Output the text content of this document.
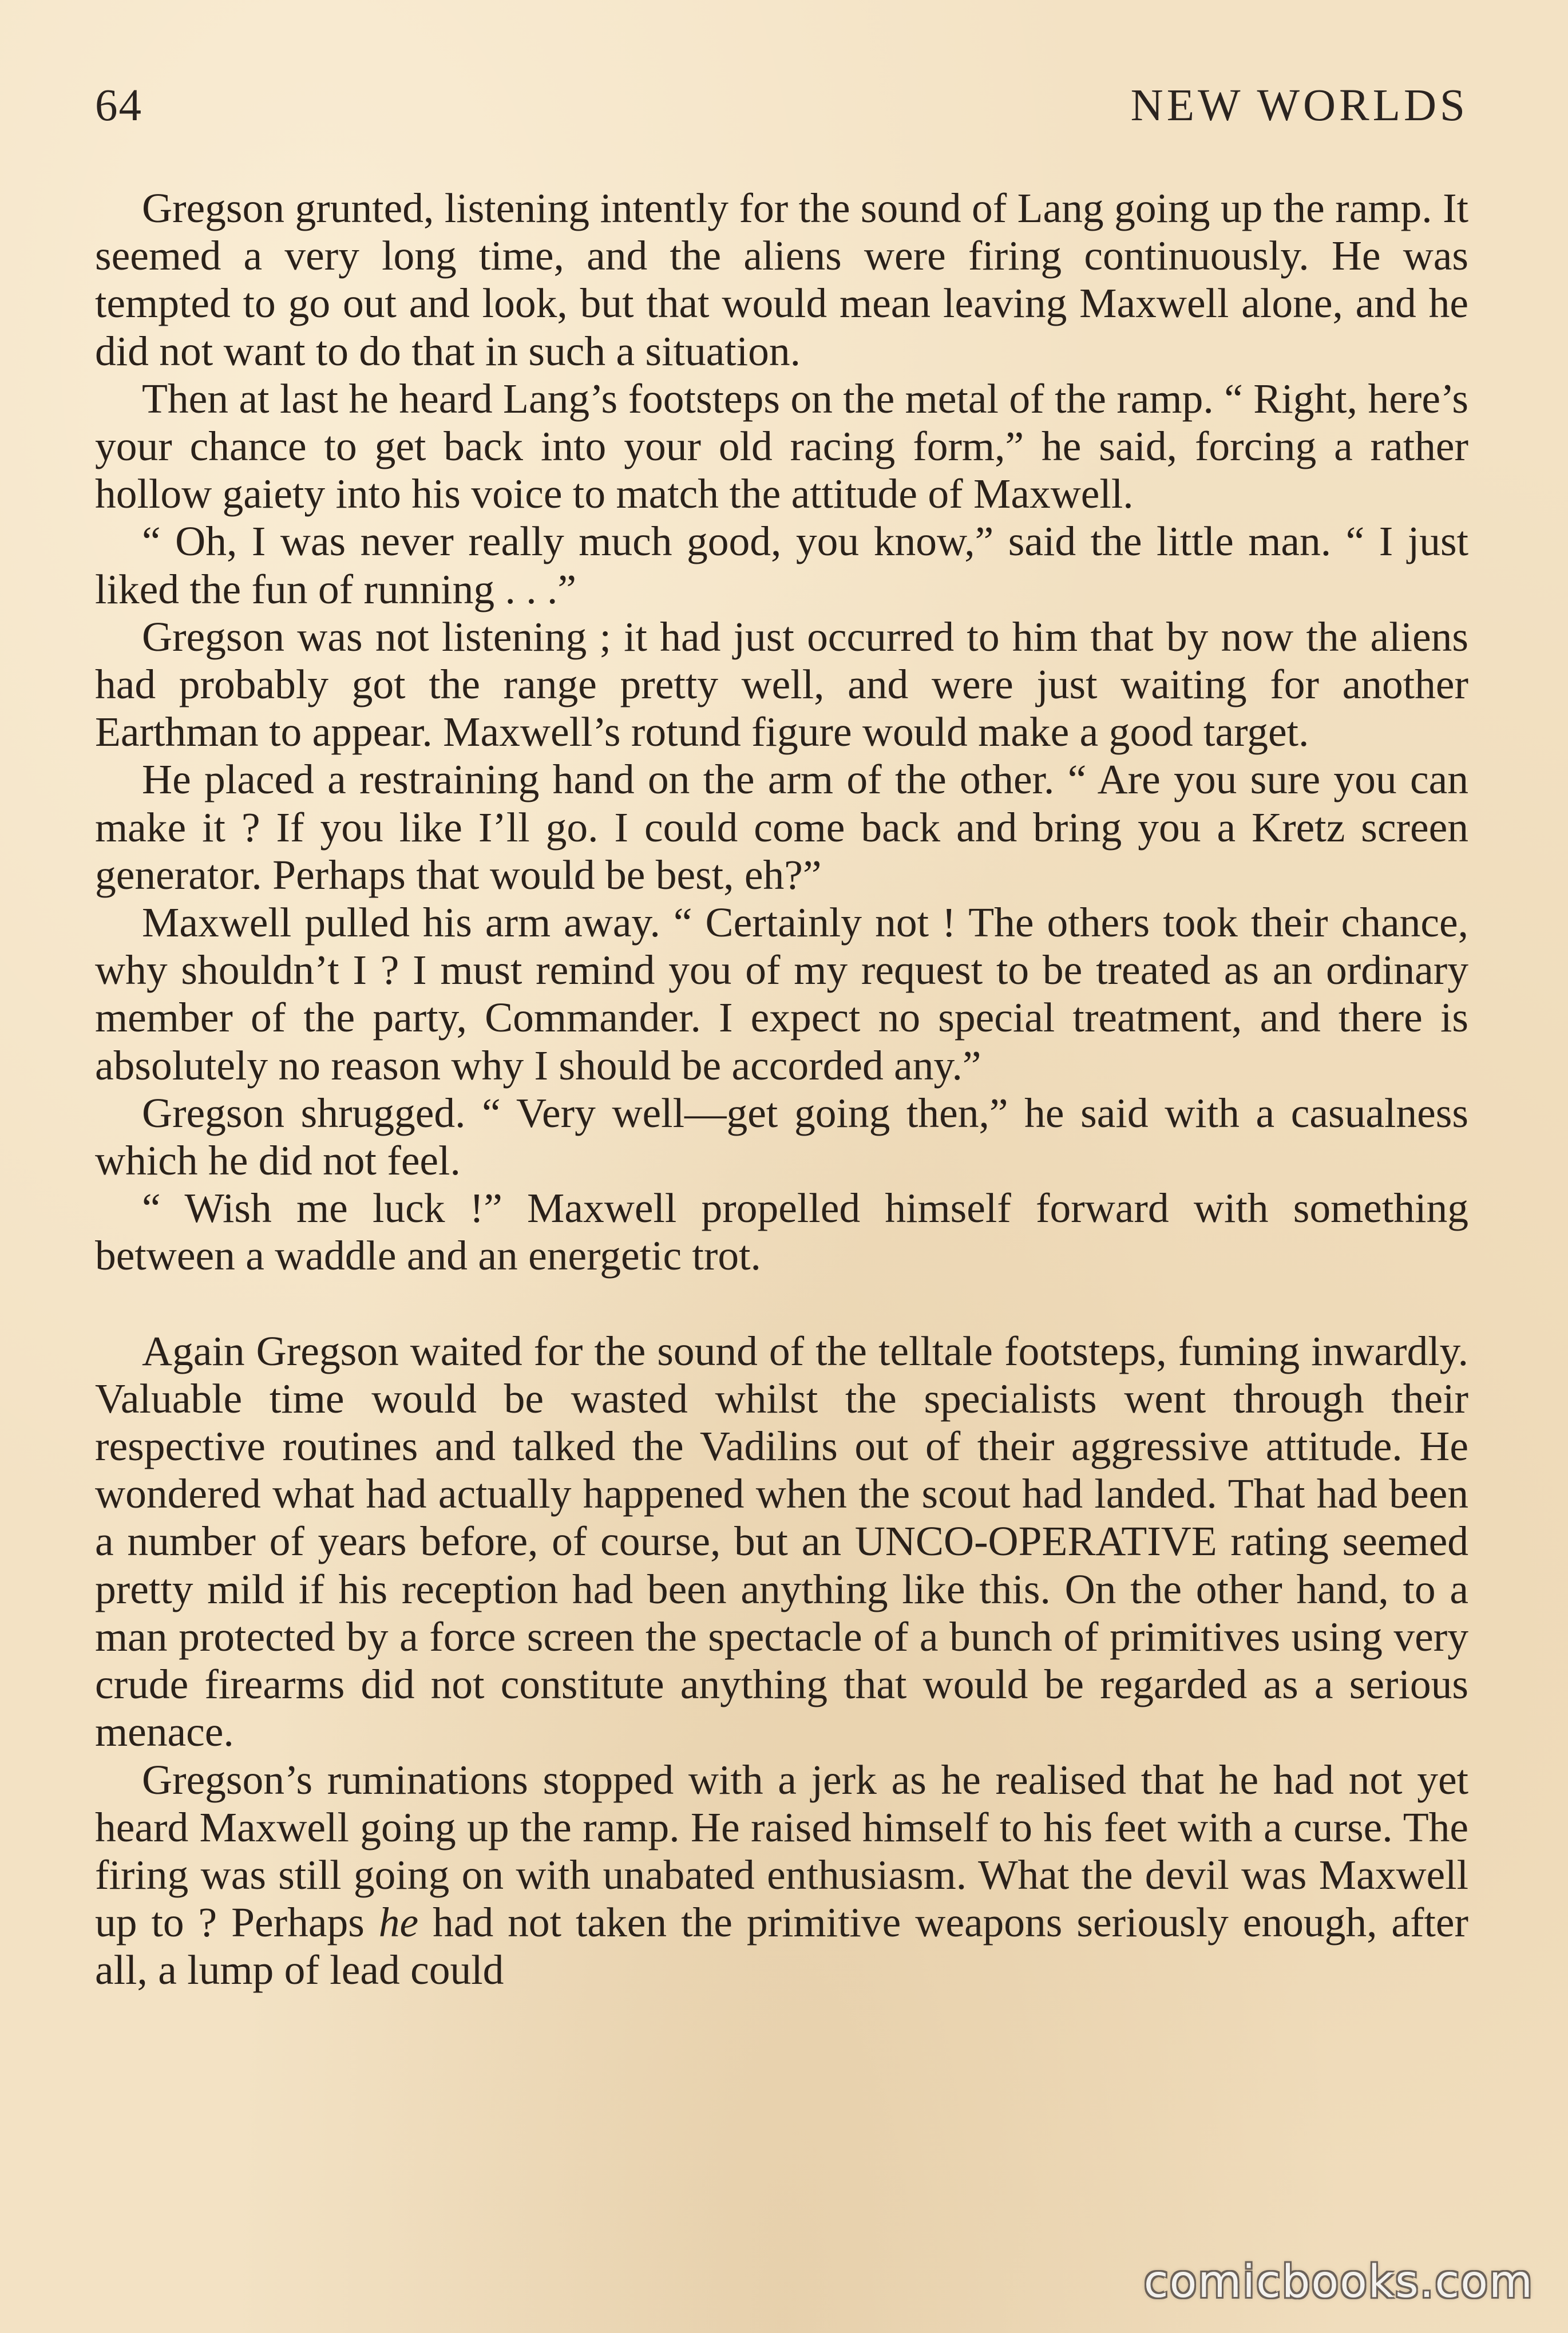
64	NEW WORLDS

Gregson grunted, listening intently for the sound of Lang going up the ramp. It seemed a very long time, and the aliens were firing continuously. He was tempted to go out and look, but that would mean leaving Maxwell alone, and he did not want to do that in such a situation.

Then at last he heard Lang’s footsteps on the metal of the ramp. “ Right, here’s your chance to get back into your old racing form,” he said, forcing a rather hollow gaiety into his voice to match the attitude of Maxwell.

“ Oh, I was never really much good, you know,” said the little man. “ I just liked the fun of running . . .”

Gregson was not listening ; it had just occurred to him that by now the aliens had probably got the range pretty well, and were just waiting for another Earthman to appear. Maxwell’s rotund figure would make a good target.

He placed a restraining hand on the arm of the other. “ Are you sure you can make it ? If you like I’ll go. I could come back and bring you a Kretz screen generator. Perhaps that would be best, eh?”

Maxwell pulled his arm away. “ Certainly not ! The others took their chance, why shouldn’t I ? I must remind you of my request to be treated as an ordinary member of the party, Commander. I expect no special treatment, and there is absolutely no reason why I should be accorded any.”

Gregson shrugged. “ Very well—get going then,” he said with a casualness which he did not feel.

“ Wish me luck !” Maxwell propelled himself forward with something between a waddle and an energetic trot.

Again Gregson waited for the sound of the telltale footsteps, fuming inwardly. Valuable time would be wasted whilst the specialists went through their respective routines and talked the Vadilins out of their aggressive attitude. He wondered what had actually happened when the scout had landed. That had been a number of years before, of course, but an UNCO-OPERATIVE rating seemed pretty mild if his reception had been anything like this. On the other hand, to a man protected by a force screen the spectacle of a bunch of primitives using very crude firearms did not constitute anything that would be regarded as a serious menace.

Gregson’s ruminations stopped with a jerk as he realised that he had not yet heard Maxwell going up the ramp. He raised himself to his feet with a curse. The firing was still going on with unabated enthusiasm. What the devil was Maxwell up to ? Perhaps he had not taken the primitive weapons seriously enough, after all, a lump of lead could

comicbooks.com
